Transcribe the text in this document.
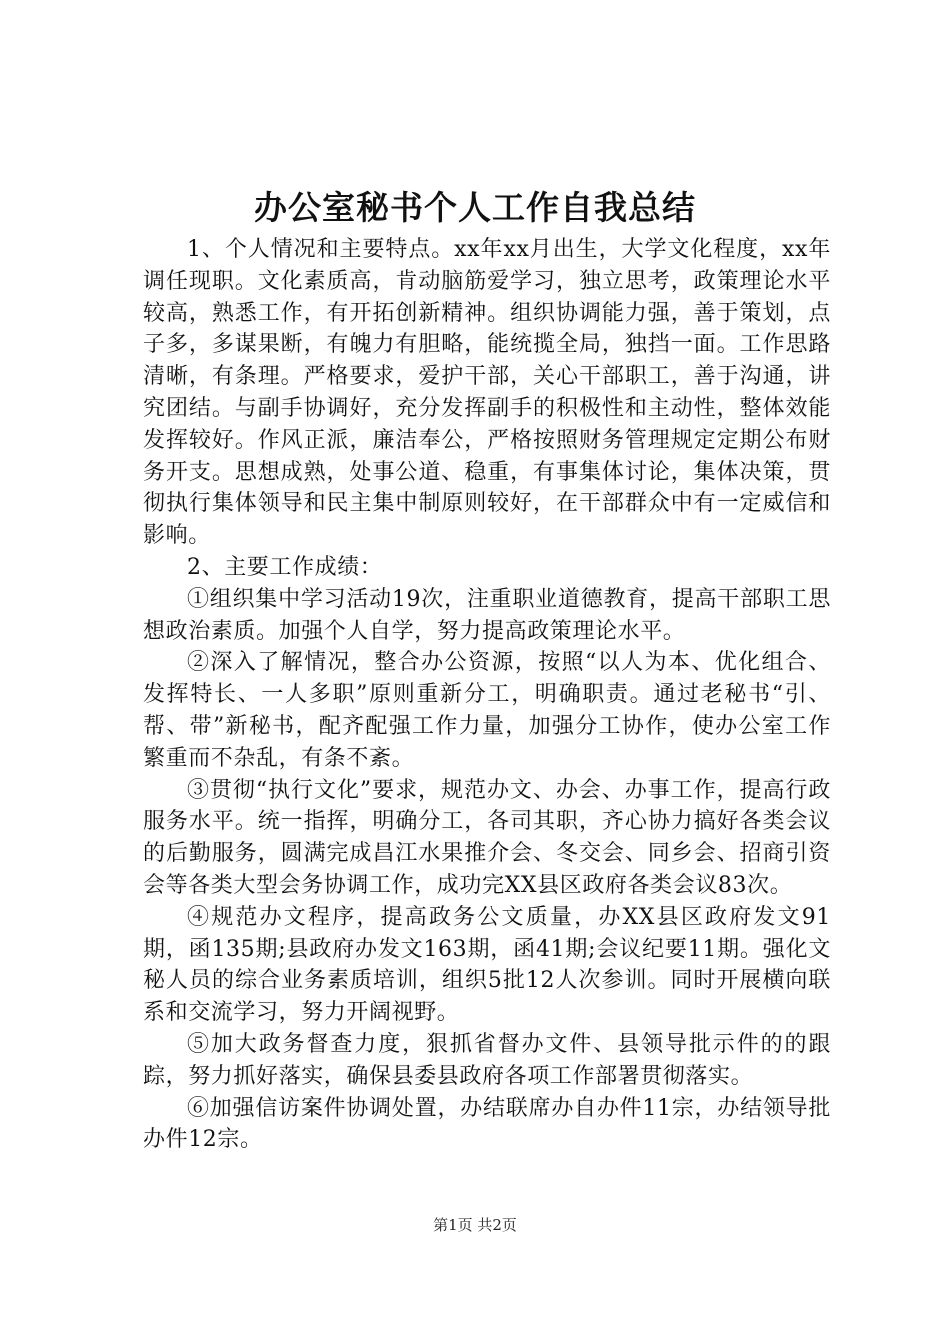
办公室秘书个人工作自我总结

1、个人情况和主要特点。xx年xx月出生，大学文化程度，xx年调任现职。文化素质高，肯动脑筋爱学习，独立思考，政策理论水平较高，熟悉工作，有开拓创新精神。组织协调能力强，善于策划，点子多，多谋果断，有魄力有胆略，能统揽全局，独挡一面。工作思路清晰，有条理。严格要求，爱护干部，关心干部职工，善于沟通，讲究团结。与副手协调好，充分发挥副手的积极性和主动性，整体效能发挥较好。作风正派，廉洁奉公，严格按照财务管理规定定期公布财务开支。思想成熟，处事公道、稳重，有事集体讨论，集体决策，贯彻执行集体领导和民主集中制原则较好，在干部群众中有一定威信和影响。

2、主要工作成绩：

①组织集中学习活动19次，注重职业道德教育，提高干部职工思想政治素质。加强个人自学，努力提高政策理论水平。

②深入了解情况，整合办公资源，按照“以人为本、优化组合、发挥特长、一人多职”原则重新分工，明确职责。通过老秘书“引、帮、带”新秘书，配齐配强工作力量，加强分工协作，使办公室工作繁重而不杂乱，有条不紊。

③贯彻“执行文化”要求，规范办文、办会、办事工作，提高行政服务水平。统一指挥，明确分工，各司其职，齐心协力搞好各类会议的后勤服务，圆满完成昌江水果推介会、冬交会、同乡会、招商引资会等各类大型会务协调工作，成功完XX县区政府各类会议83次。

④规范办文程序，提高政务公文质量，办XX县区政府发文91期，函135期;县政府办发文163期，函41期;会议纪要11期。强化文秘人员的综合业务素质培训，组织5批12人次参训。同时开展横向联系和交流学习，努力开阔视野。

⑤加大政务督查力度，狠抓省督办文件、县领导批示件的的跟踪，努力抓好落实，确保县委县政府各项工作部署贯彻落实。

⑥加强信访案件协调处置，办结联席办自办件11宗，办结领导批办件12宗。

第1页 共2页
